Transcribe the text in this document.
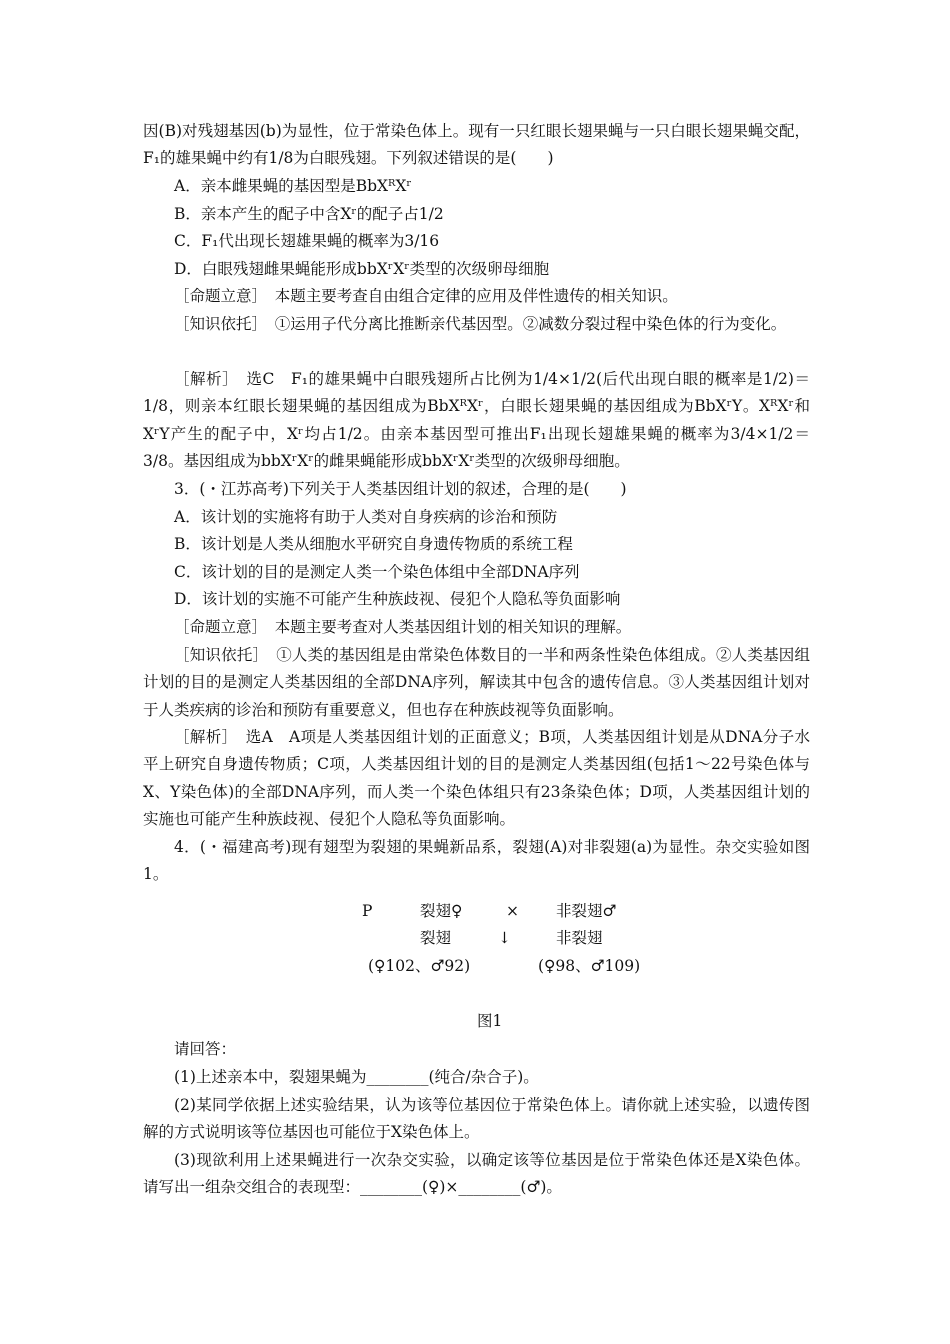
因(B)对残翅基因(b)为显性，位于常染色体上。现有一只红眼长翅果蝇与一只白眼长翅果蝇交配，F₁的雄果蝇中约有1/8为白眼残翅。下列叙述错误的是(　　)

A．亲本雌果蝇的基因型是BbXᴿXʳ

B．亲本产生的配子中含Xʳ的配子占1/2

C．F₁代出现长翅雄果蝇的概率为3/16

D．白眼残翅雌果蝇能形成bbXʳXʳ类型的次级卵母细胞

［命题立意］　本题主要考查自由组合定律的应用及伴性遗传的相关知识。

［知识依托］　①运用子代分离比推断亲代基因型。②减数分裂过程中染色体的行为变化。

［解析］　选C　F₁的雄果蝇中白眼残翅所占比例为1/4×1/2(后代出现白眼的概率是1/2)＝1/8，则亲本红眼长翅果蝇的基因组成为BbXᴿXʳ，白眼长翅果蝇的基因组成为BbXʳY。XᴿXʳ和XʳY产生的配子中，Xʳ均占1/2。由亲本基因型可推出F₁出现长翅雄果蝇的概率为3/4×1/2＝3/8。基因组成为bbXʳXʳ的雌果蝇能形成bbXʳXʳ类型的次级卵母细胞。

3．(・江苏高考)下列关于人类基因组计划的叙述，合理的是(　　)

A．该计划的实施将有助于人类对自身疾病的诊治和预防

B．该计划是人类从细胞水平研究自身遗传物质的系统工程

C．该计划的目的是测定人类一个染色体组中全部DNA序列

D．该计划的实施不可能产生种族歧视、侵犯个人隐私等负面影响

［命题立意］　本题主要考查对人类基因组计划的相关知识的理解。

［知识依托］　①人类的基因组是由常染色体数目的一半和两条性染色体组成。②人类基因组计划的目的是测定人类基因组的全部DNA序列，解读其中包含的遗传信息。③人类基因组计划对于人类疾病的诊治和预防有重要意义，但也存在种族歧视等负面影响。

［解析］　选A　A项是人类基因组计划的正面意义；B项，人类基因组计划是从DNA分子水平上研究自身遗传物质；C项，人类基因组计划的目的是测定人类基因组(包括1～22号染色体与X、Y染色体)的全部DNA序列，而人类一个染色体组只有23条染色体；D项，人类基因组计划的实施也可能产生种族歧视、侵犯个人隐私等负面影响。

4．(・福建高考)现有翅型为裂翅的果蝇新品系，裂翅(A)对非裂翅(a)为显性。杂交实验如图1。

P	裂翅♀	× 非裂翅♂
裂翅	↓	非裂翅
(♀102、♂92)	(♀98、♂109)
图1

请回答：

(1)上述亲本中，裂翅果蝇为________(纯合/杂合子)。

(2)某同学依据上述实验结果，认为该等位基因位于常染色体上。请你就上述实验，以遗传图解的方式说明该等位基因也可能位于X染色体上。

(3)现欲利用上述果蝇进行一次杂交实验，以确定该等位基因是位于常染色体还是X染色体。请写出一组杂交组合的表现型：________(♀)×________(♂)。
